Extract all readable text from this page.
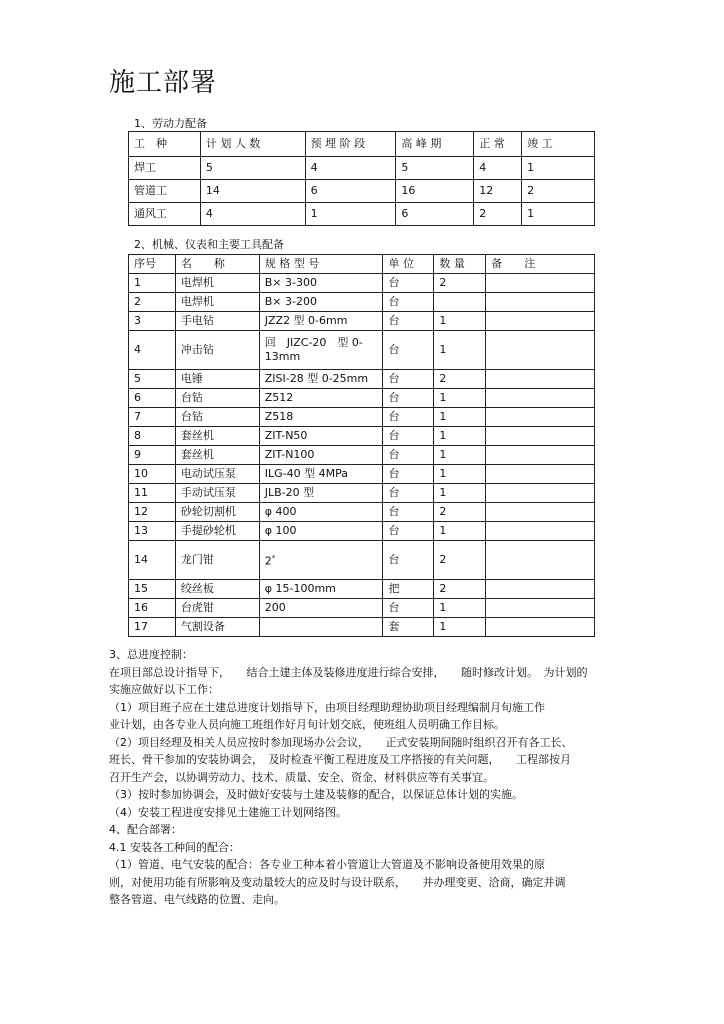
施工部署

1、劳动力配备

工　种	计 划 人 数	预 埋 阶 段	高 峰 期	正 常	竣 工
焊工	5	4	5	4	1
管道工	14	6	16	12	2
通风工	4	1	6	2	1

2、机械、仪表和主要工具配备

序号	名　　称	规 格 型 号	单 位	数 量	备　　注
1	电焊机	B× 3-300	台	2	
2	电焊机	B× 3-200	台		
3	手电钻	JZZ2 型 0-6mm	台	1	
4	冲击钻	回　JIZC-20　型 0-13mm	台	1	
5	电锤	ZISI-28 型 0-25mm	台	2	
6	台钻	Z512	台	1	
7	台钻	Z518	台	1	
8	套丝机	ZIT-N50	台	1	
9	套丝机	ZIT-N100	台	1	
10	电动试压泵	ILG-40 型 4MPa	台	1	
11	手动试压泵	JLB-20 型	台	1	
12	砂轮切割机	φ 400	台	2	
13	手提砂轮机	φ 100	台	1	
14	龙门钳	2*	台	2	
15	绞丝板	φ 15-100mm	把	2	
16	台虎钳	200	台	1	
17	气割设备		套	1	

3、总进度控制：

在项目部总设计指导下，　　结合土建主体及装修进度进行综合安排，　　随时修改计划。　为计划的

实施应做好以下工作：

（1）项目班子应在土建总进度计划指导下，由项目经理助理协助项目经理编制月旬施工作

业计划，由各专业人员向施工班组作好月旬计划交底，使班组人员明确工作目标。

（2）项目经理及相关人员应按时参加现场办公会议，　　正式安装期间随时组织召开有各工长、

班长、骨干参加的安装协调会，　及时检查平衡工程进度及工序搭接的有关问题，　　工程部按月

召开生产会，以协调劳动力、技术、质量、安全、资金、材料供应等有关事宜。

（3）按时参加协调会，及时做好安装与土建及装修的配合，以保证总体计划的实施。

（4）安装工程进度安排见土建施工计划网络图。

4、配合部署：

4.1 安装各工种间的配合：

（1）管道、电气安装的配合：各专业工种本着小管道让大管道及不影响设备使用效果的原

则，对使用功能有所影响及变动量较大的应及时与设计联系，　　并办理变更、洽商，确定并调

整各管道、电气线路的位置、走向。
